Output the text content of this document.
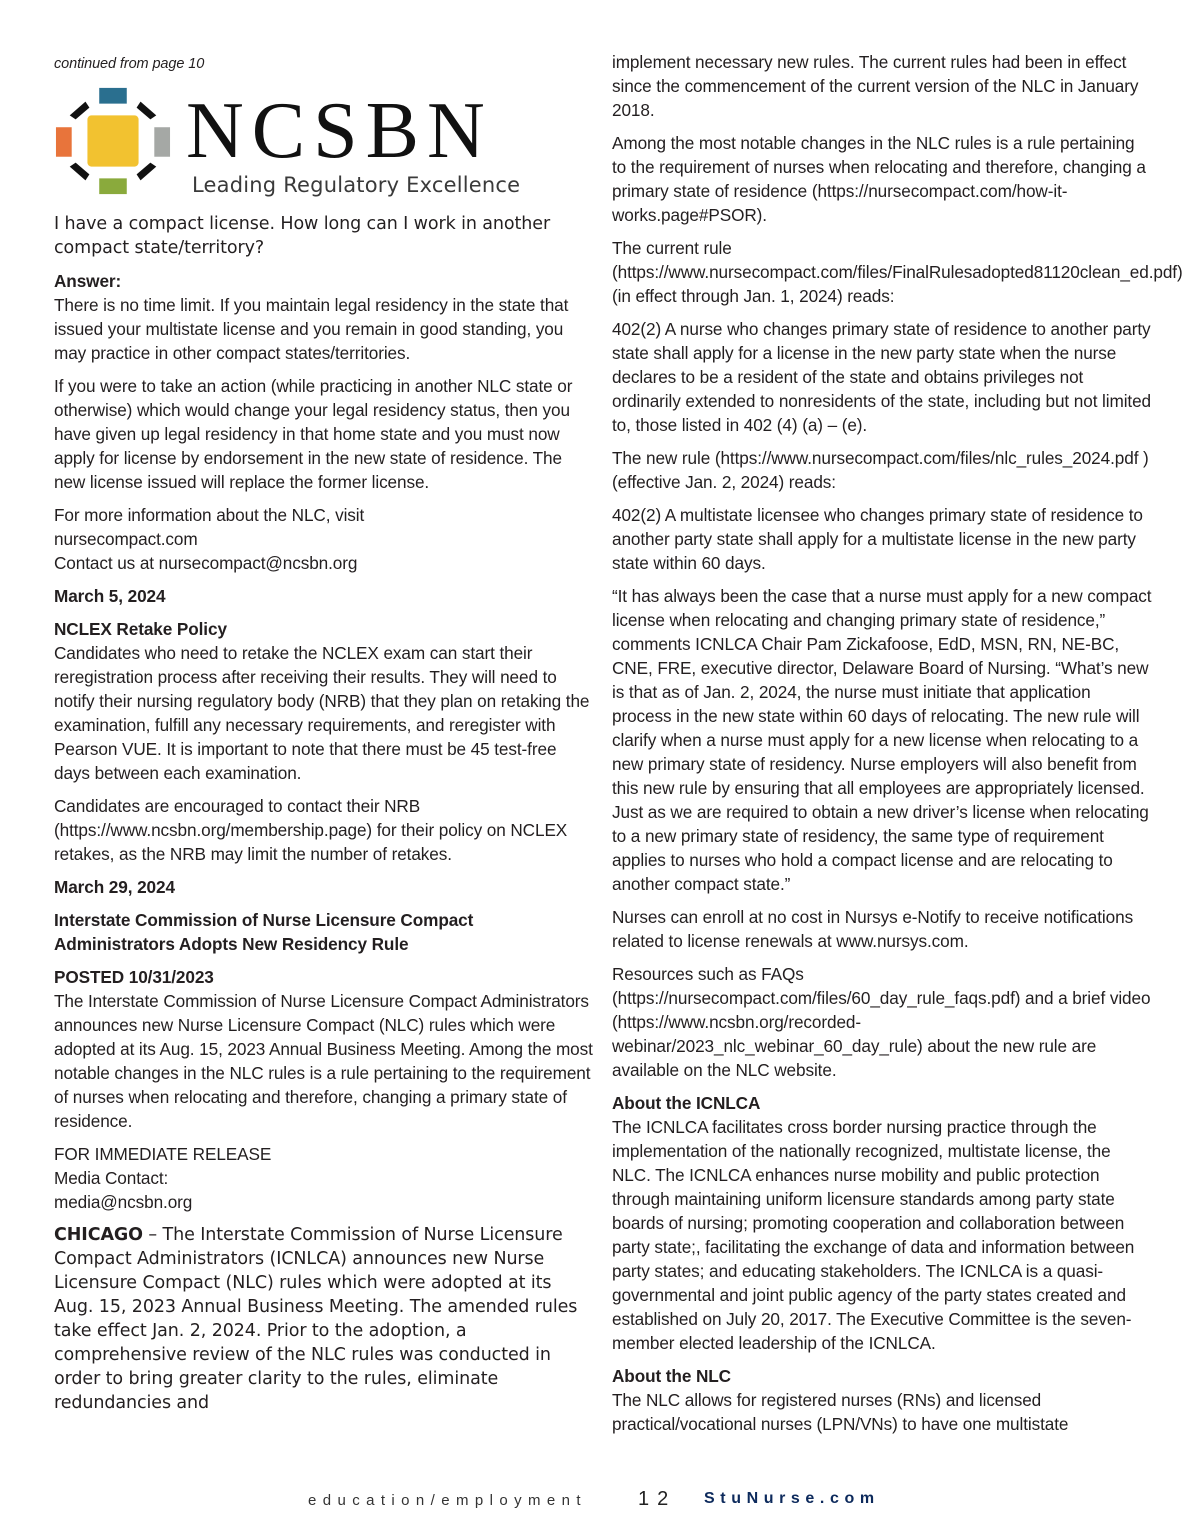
continued from page 10
NCSBN
Leading Regulatory Excellence

I have a compact license. How long can I work in another compact state/territory?

Answer:
There is no time limit. If you maintain legal residency in the state that issued your multistate license and you remain in good standing, you may practice in other compact states/territories.

If you were to take an action (while practicing in another NLC state or otherwise) which would change your legal residency status, then you have given up legal residency in that home state and you must now apply for license by endorsement in the new state of residence. The new license issued will replace the former license.

For more information about the NLC, visit
nursecompact.com
Contact us at nursecompact@ncsbn.org

March 5, 2024

NCLEX Retake Policy
Candidates who need to retake the NCLEX exam can start their reregistration process after receiving their results. They will need to notify their nursing regulatory body (NRB) that they plan on retaking the examination, fulfill any necessary requirements, and reregister with Pearson VUE. It is important to note that there must be 45 test-free days between each examination.

Candidates are encouraged to contact their NRB (https://www.ncsbn.org/membership.page) for their policy on NCLEX retakes, as the NRB may limit the number of retakes.

March 29, 2024

Interstate Commission of Nurse Licensure Compact Administrators Adopts New Residency Rule

POSTED 10/31/2023
The Interstate Commission of Nurse Licensure Compact Administrators announces new Nurse Licensure Compact (NLC) rules which were adopted at its Aug. 15, 2023 Annual Business Meeting. Among the most notable changes in the NLC rules is a rule pertaining to the requirement of nurses when relocating and therefore, changing a primary state of residence.

FOR IMMEDIATE RELEASE
Media Contact:
media@ncsbn.org

CHICAGO – The Interstate Commission of Nurse Licensure Compact Administrators (ICNLCA) announces new Nurse Licensure Compact (NLC) rules which were adopted at its Aug. 15, 2023 Annual Business Meeting. The amended rules take effect Jan. 2, 2024. Prior to the adoption, a comprehensive review of the NLC rules was conducted in order to bring greater clarity to the rules, eliminate redundancies and

implement necessary new rules. The current rules had been in effect since the commencement of the current version of the NLC in January 2018.

Among the most notable changes in the NLC rules is a rule pertaining to the requirement of nurses when relocating and therefore, changing a primary state of residence (https://nursecompact.com/how-it-works.page#PSOR).

The current rule (https://www.nursecompact.com/files/FinalRulesadopted81120clean_ed.pdf) (in effect through Jan. 1, 2024) reads:

402(2) A nurse who changes primary state of residence to another party state shall apply for a license in the new party state when the nurse declares to be a resident of the state and obtains privileges not ordinarily extended to nonresidents of the state, including but not limited to, those listed in 402 (4) (a) – (e).

The new rule (https://www.nursecompact.com/files/nlc_rules_2024.pdf ) (effective Jan. 2, 2024) reads:

402(2) A multistate licensee who changes primary state of residence to another party state shall apply for a multistate license in the new party state within 60 days.

“It has always been the case that a nurse must apply for a new compact license when relocating and changing primary state of residence,” comments ICNLCA Chair Pam Zickafoose, EdD, MSN, RN, NE-BC, CNE, FRE, executive director, Delaware Board of Nursing. “What’s new is that as of Jan. 2, 2024, the nurse must initiate that application process in the new state within 60 days of relocating. The new rule will clarify when a nurse must apply for a new license when relocating to a new primary state of residency. Nurse employers will also benefit from this new rule by ensuring that all employees are appropriately licensed. Just as we are required to obtain a new driver’s license when relocating to a new primary state of residency, the same type of requirement applies to nurses who hold a compact license and are relocating to another compact state.”

Nurses can enroll at no cost in Nursys e-Notify to receive notifications related to license renewals at www.nursys.com.

Resources such as FAQs (https://nursecompact.com/files/60_day_rule_faqs.pdf) and a brief video (https://www.ncsbn.org/recorded-webinar/2023_nlc_webinar_60_day_rule) about the new rule are available on the NLC website.

About the ICNLCA
The ICNLCA facilitates cross border nursing practice through the implementation of the nationally recognized, multistate license, the NLC. The ICNLCA enhances nurse mobility and public protection through maintaining uniform licensure standards among party state boards of nursing; promoting cooperation and collaboration between party state;, facilitating the exchange of data and information between party states; and educating stakeholders. The ICNLCA is a quasi-governmental and joint public agency of the party states created and established on July 20, 2017. The Executive Committee is the seven-member elected leadership of the ICNLCA.

About the NLC
The NLC allows for registered nurses (RNs) and licensed practical/vocational nurses (LPN/VNs) to have one multistate

education/employment	12 StuNurse.com
